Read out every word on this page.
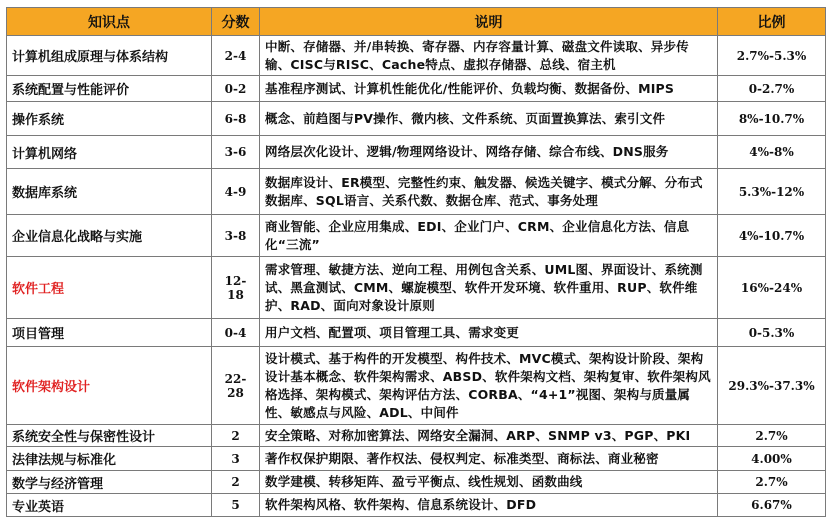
知识点	分数	说明	比例
计算机组成原理与体系结构	2-4	中断、存储器、并/串转换、寄存器、内存容量计算、磁盘文件读取、异步传输、CISC与RISC、Cache特点、虚拟存储器、总线、宿主机	2.7%-5.3%
系统配置与性能评价	0-2	基准程序测试、计算机性能优化/性能评价、负载均衡、数据备份、MIPS	0-2.7%
操作系统	6-8	概念、前趋图与PV操作、微内核、文件系统、页面置换算法、索引文件	8%-10.7%
计算机网络	3-6	网络层次化设计、逻辑/物理网络设计、网络存储、综合布线、DNS服务	4%-8%
数据库系统	4-9	数据库设计、ER模型、完整性约束、触发器、候选关键字、模式分解、分布式数据库、SQL语言、关系代数、数据仓库、范式、事务处理	5.3%-12%
企业信息化战略与实施	3-8	商业智能、企业应用集成、EDI、企业门户、CRM、企业信息化方法、信息化“三流”	4%-10.7%
软件工程	12-18	需求管理、敏捷方法、逆向工程、用例包含关系、UML图、界面设计、系统测试、黑盒测试、CMM、螺旋模型、软件开发环境、软件重用、RUP、软件维护、RAD、面向对象设计原则	16%-24%
项目管理	0-4	用户文档、配置项、项目管理工具、需求变更	0-5.3%
软件架构设计	22-28	设计模式、基于构件的开发模型、构件技术、MVC模式、架构设计阶段、架构设计基本概念、软件架构需求、ABSD、软件架构文档、架构复审、软件架构风格选择、架构模式、架构评估方法、CORBA、“4+1”视图、架构与质量属性、敏感点与风险、ADL、中间件	29.3%-37.3%
系统安全性与保密性设计	2	安全策略、对称加密算法、网络安全漏洞、ARP、SNMP v3、PGP、PKI	2.7%
法律法规与标准化	3	著作权保护期限、著作权法、侵权判定、标准类型、商标法、商业秘密	4.00%
数学与经济管理	2	数学建模、转移矩阵、盈亏平衡点、线性规划、函数曲线	2.7%
专业英语	5	软件架构风格、软件架构、信息系统设计、DFD	6.67%
